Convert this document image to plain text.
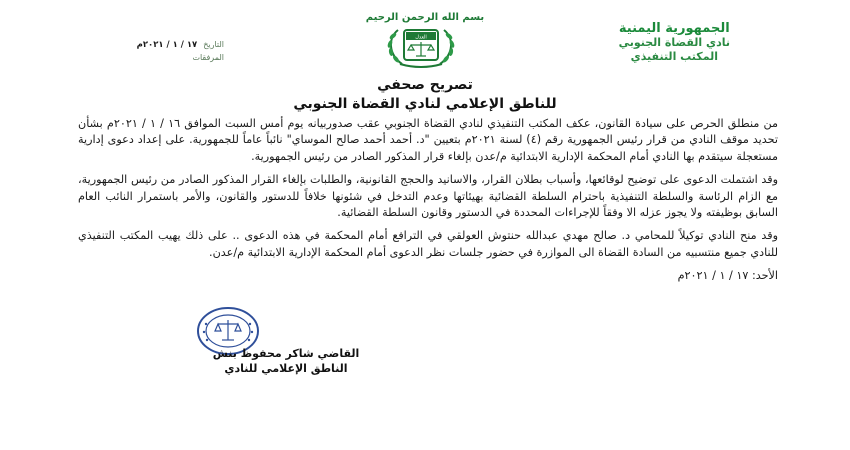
بسم الله الرحمن الرحيم
الجمهورية اليمنية
نادي القضاة الجنوبي
المكتب التنفيذي
العدل
التاريخ
١٧ / ١ / ٢٠٢١م
المرفقات
تصريح صحفي
للناطق الإعلامي لنادي القضاة الجنوبي

من منطلق الحرص على سيادة القانون، عكف المكتب التنفيذي لنادي القضاة الجنوبي عقب صدوربيانه يوم أمس السبت الموافق ١٦ / ١ / ٢٠٢١م بشأن تحديد موقف النادي من قرار رئيس الجمهورية رقم (٤) لسنة ٢٠٢١م بتعيين "د. أحمد أحمد صالح الموساي" نائباً عاماً للجمهورية. على إعداد دعوى إدارية مستعجلة سيتقدم بها النادي أمام المحكمة الإدارية الابتدائية م/عدن بإلغاء قرار المذكور الصادر من رئيس الجمهورية.

وقد اشتملت الدعوى على توضيح لوقائعها، وأسباب بطلان القرار، والاسانيد والحجج القانونية، والطلبات بإلغاء القرار المذكور الصادر من رئيس الجمهورية، مع الزام الرئاسة والسلطة التنفيذية باحترام السلطة القضائية بهيئاتها وعدم التدخل في شئونها خلافاً للدستور والقانون، والأمر باستمرار النائب العام السابق بوظيفته ولا يجوز عزله الا وفقاً للإجراءات المحددة في الدستور وقانون السلطة القضائية.

وقد منح النادي توكيلاً للمحامي د. صالح مهدي عبدالله حنتوش العولقي في الترافع أمام المحكمة في هذه الدعوى .. على ذلك يهيب المكتب التنفيذي للنادي جميع منتسبيه من السادة القضاة الى الموازرة في حضور جلسات نظر الدعوى أمام المحكمة الإدارية الابتدائية م/عدن.

الأحد: ١٧ / ١ / ٢٠٢١م

القاضي شاكر محفوظ بنش
الناطق الإعلامي للنادي
